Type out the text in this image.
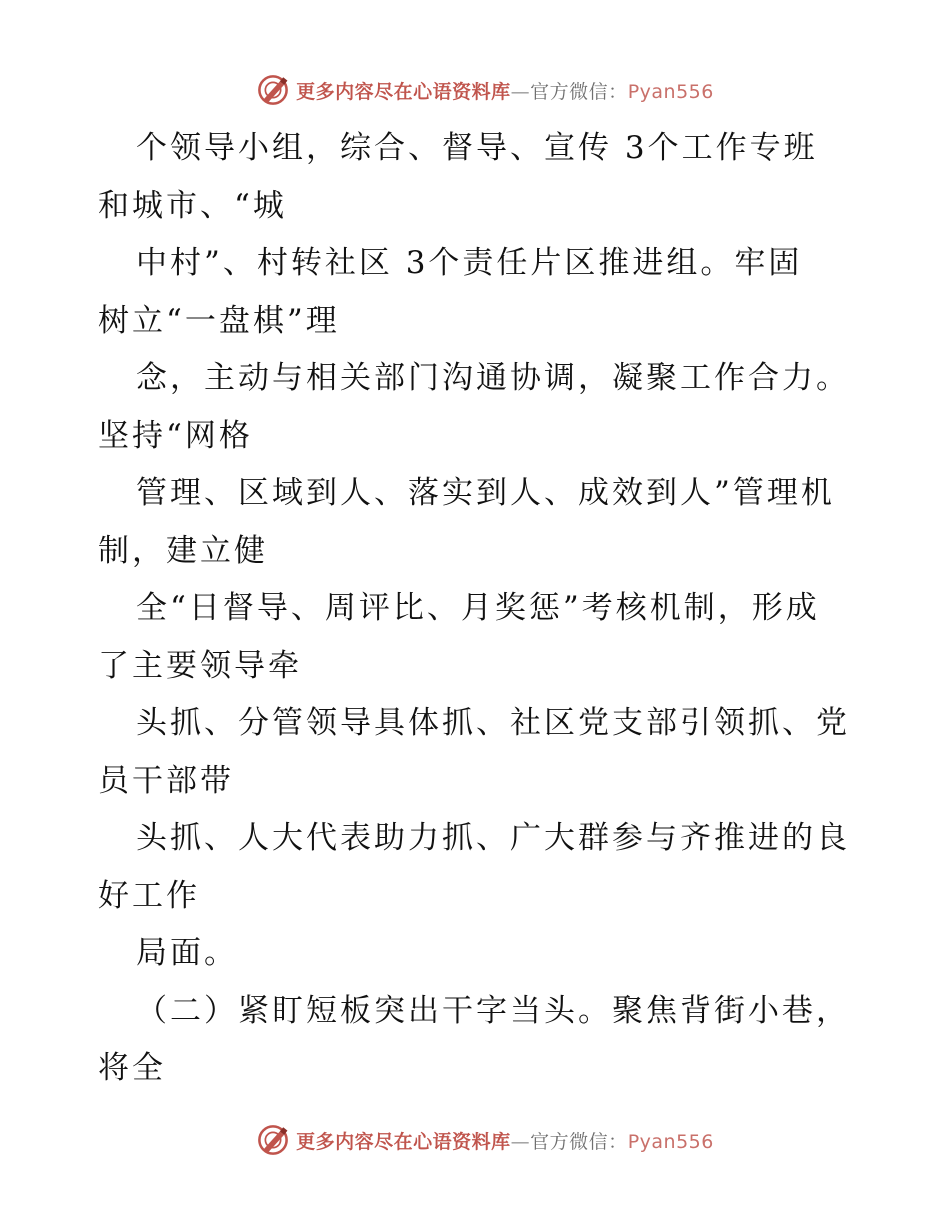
更多内容尽在心语资料库—官方微信：Pyan556
个领导小组，综合、督导、宣传 3个工作专班
和城市、“城
中村”、村转社区 3个责任片区推进组。牢固
树立“一盘棋”理
念，主动与相关部门沟通协调，凝聚工作合力。
坚持“网格
管理、区域到人、落实到人、成效到人”管理机
制，建立健
全“日督导、周评比、月奖惩”考核机制，形成
了主要领导牵
头抓、分管领导具体抓、社区党支部引领抓、党
员干部带
头抓、人大代表助力抓、广大群参与齐推进的良
好工作
局面。
（二）紧盯短板突出干字当头。聚焦背街小巷，
将全
更多内容尽在心语资料库—官方微信：Pyan556
